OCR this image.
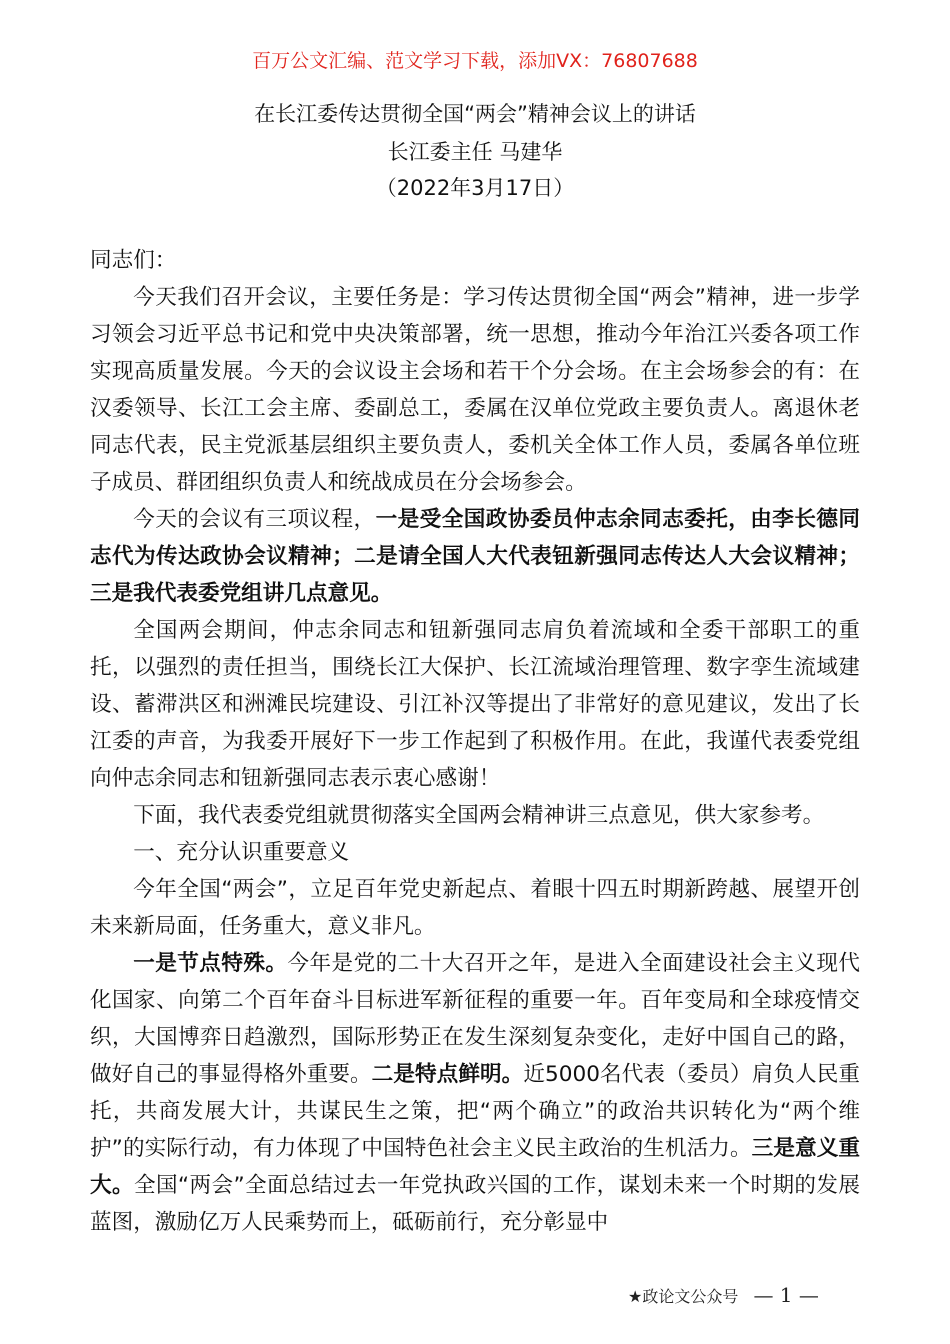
百万公文汇编、范文学习下载，添加VX：76807688
在长江委传达贯彻全国“两会”精神会议上的讲话
长江委主任 马建华
（2022年3月17日）

同志们：

今天我们召开会议，主要任务是：学习传达贯彻全国“两会”精神，进一步学习领会习近平总书记和党中央决策部署，统一思想，推动今年治江兴委各项工作实现高质量发展。今天的会议设主会场和若干个分会场。在主会场参会的有：在汉委领导、长江工会主席、委副总工，委属在汉单位党政主要负责人。离退休老同志代表，民主党派基层组织主要负责人，委机关全体工作人员，委属各单位班子成员、群团组织负责人和统战成员在分会场参会。

今天的会议有三项议程，一是受全国政协委员仲志余同志委托，由李长德同志代为传达政协会议精神；二是请全国人大代表钮新强同志传达人大会议精神；三是我代表委党组讲几点意见。

全国两会期间，仲志余同志和钮新强同志肩负着流域和全委干部职工的重托，以强烈的责任担当，围绕长江大保护、长江流域治理管理、数字孪生流域建设、蓄滞洪区和洲滩民垸建设、引江补汉等提出了非常好的意见建议，发出了长江委的声音，为我委开展好下一步工作起到了积极作用。在此，我谨代表委党组向仲志余同志和钮新强同志表示衷心感谢！

下面，我代表委党组就贯彻落实全国两会精神讲三点意见，供大家参考。

一、充分认识重要意义

今年全国“两会”，立足百年党史新起点、着眼十四五时期新跨越、展望开创未来新局面，任务重大，意义非凡。

一是节点特殊。今年是党的二十大召开之年，是进入全面建设社会主义现代化国家、向第二个百年奋斗目标进军新征程的重要一年。百年变局和全球疫情交织，大国博弈日趋激烈，国际形势正在发生深刻复杂变化，走好中国自己的路，做好自己的事显得格外重要。二是特点鲜明。近5000名代表（委员）肩负人民重托，共商发展大计，共谋民生之策，把“两个确立”的政治共识转化为“两个维护”的实际行动，有力体现了中国特色社会主义民主政治的生机活力。三是意义重大。全国“两会”全面总结过去一年党执政兴国的工作，谋划未来一个时期的发展蓝图，激励亿万人民乘势而上，砥砺前行，充分彰显中

★政论文公众号 — 1 —
